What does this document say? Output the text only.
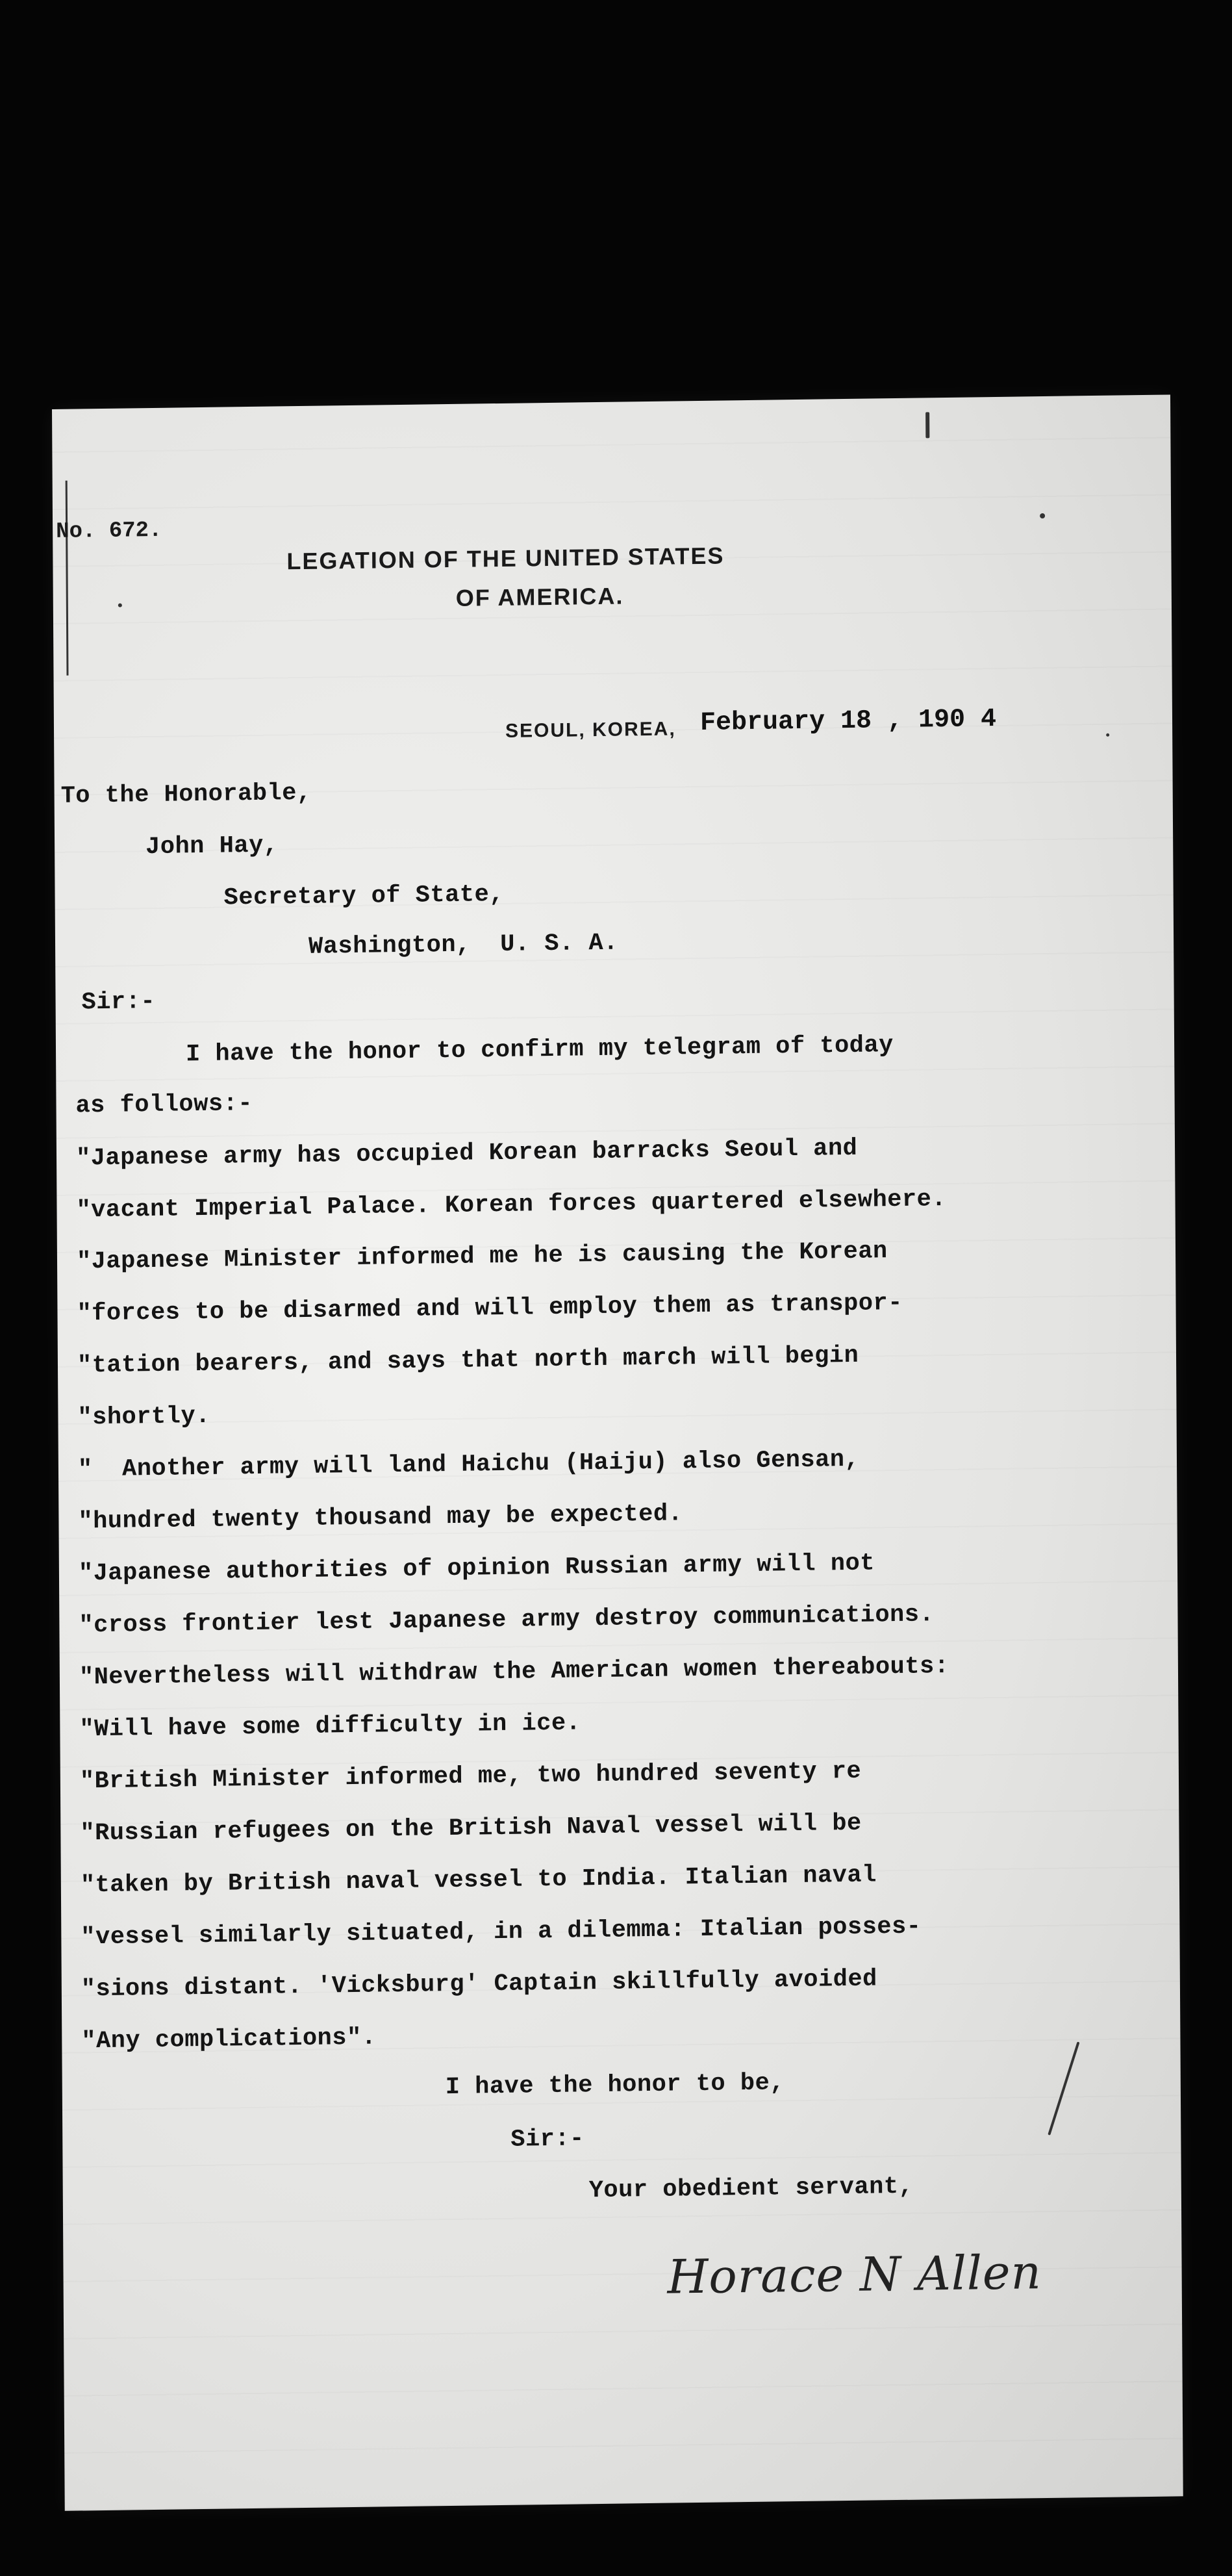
No. 672.
LEGATION OF THE UNITED STATES
OF AMERICA.
SEOUL, KOREA, February 18 , 190 4
To the Honorable,
John Hay,
Secretary of State,
Washington,  U. S. A.
Sir:-
I have the honor to confirm my telegram of today
as follows:-
"Japanese army has occupied Korean barracks Seoul and
"vacant Imperial Palace. Korean forces quartered elsewhere.
"Japanese Minister informed me he is causing the Korean
"forces to be disarmed and will employ them as transpor-
"tation bearers, and says that north march will begin
"shortly.
"  Another army will land Haichu (Haiju) also Gensan,
"hundred twenty thousand may be expected.
"Japanese authorities of opinion Russian army will not
"cross frontier lest Japanese army destroy communications.
"Nevertheless will withdraw the American women thereabouts:
"Will have some difficulty in ice.
"British Minister informed me, two hundred seventy re
"Russian refugees on the British Naval vessel will be
"taken by British naval vessel to India. Italian naval
"vessel similarly situated, in a dilemma: Italian posses-
"sions distant. 'Vicksburg' Captain skillfully avoided
"Any complications".
I have the honor to be,
Sir:-
Your obedient servant,
Horace N Allen
